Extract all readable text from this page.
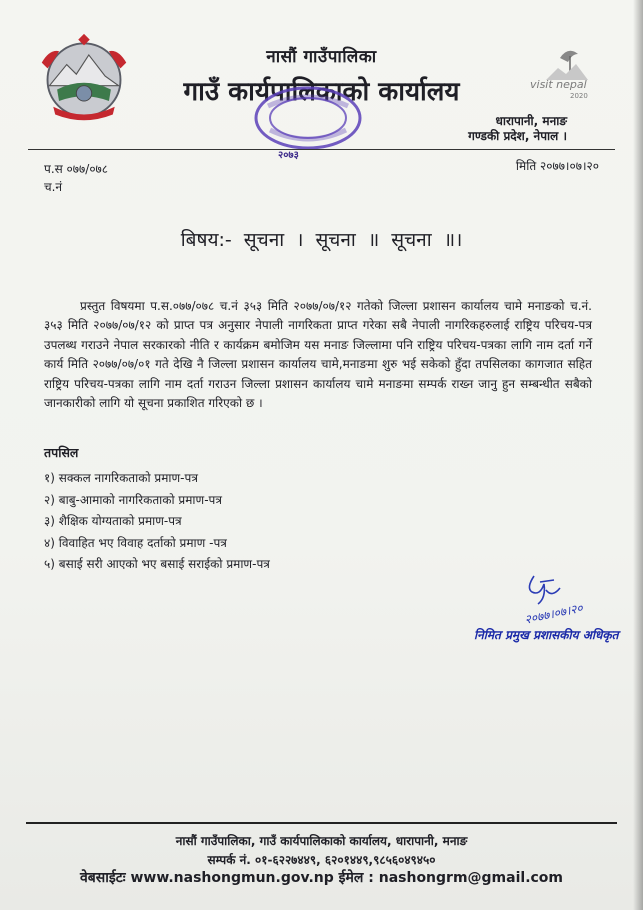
नासौं गाउँपालिका
गाउँ कार्यपालिकाको कार्यालय	visit nepal
2020
धारापानी, मनाङ
गण्डकी प्रदेश, नेपाल ।
२०७३
प.स ०७७/०७८
च.नं
मिति २०७७।०७।२०
बिषय:- सूचना । सूचना ॥ सूचना ॥।

प्रस्तुत विषयमा प.स.०७७/०७८ च.नं ३५३ मिति २०७७/०७/१२ गतेको जिल्ला प्रशासन कार्यालय चामे मनाङको च.नं. ३५३ मिति २०७७/०७/१२ को प्राप्त पत्र अनुसार नेपाली नागरिकता प्राप्त गरेका सबै नेपाली नागरिकहरुलाई राष्ट्रिय परिचय-पत्र उपलब्ध गराउने नेपाल सरकारको नीति र कार्यक्रम बमोजिम यस मनाङ जिल्लामा पनि राष्ट्रिय परिचय-पत्रका लागि नाम दर्ता गर्ने कार्य मिति २०७७/०७/०१ गते देखि नै जिल्ला प्रशासन कार्यालय चामे,मनाङमा शुरु भई सकेको हुँदा तपसिलका कागजात सहित राष्ट्रिय परिचय-पत्रका लागि नाम दर्ता गराउन जिल्ला प्रशासन कार्यालय चामे मनाङमा सम्पर्क राख्न जानु हुन सम्बन्धीत सबैको जानकारीको लागि यो सूचना प्रकाशित गरिएको छ ।

तपसिल
१) सक्कल नागरिकताको प्रमाण-पत्र
२) बाबु-आमाको नागरिकताको प्रमाण-पत्र
३) शैक्षिक योग्यताको प्रमाण-पत्र
४) विवाहित भए विवाह दर्ताको प्रमाण -पत्र
५) बसाई सरी आएको भए बसाई सराईको प्रमाण-पत्र
२०७७।०७।२०
निमित प्रमुख प्रशासकीय अधिकृत
नासौं गाउँपालिका, गाउँ कार्यपालिकाको कार्यालय, धारापानी, मनाङ
सम्पर्क नं. ०१-६२२७४४९, ६२०१४४९,९८५६०४९४५०
वेबसाईटः www.nashongmun.gov.np ईमेल : nashongrm@gmail.com
